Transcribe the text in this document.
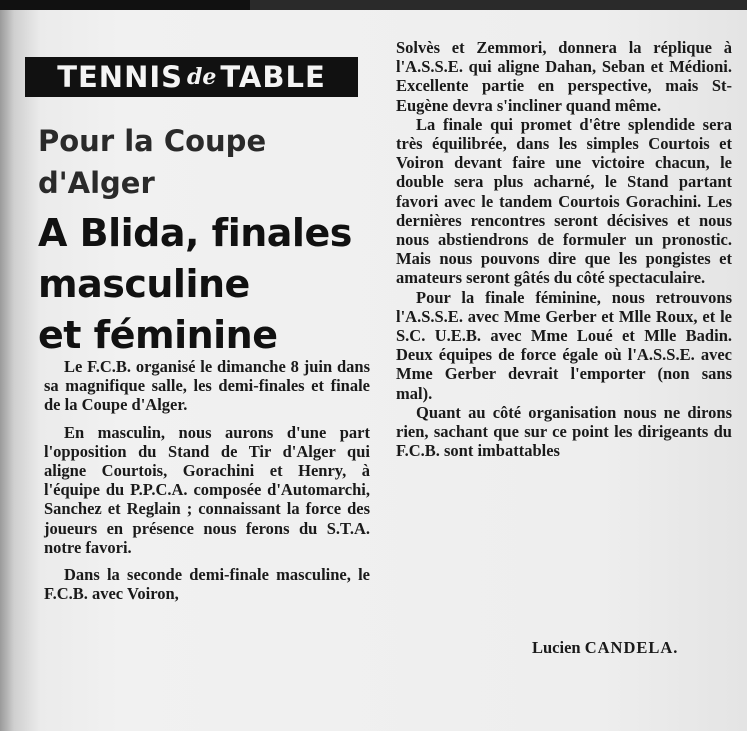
TENNIS de TABLE
Pour la Coupe
d'Alger
A Blida, finales
masculine
et féminine

Le F.C.B. organisé le dimanche 8 juin dans sa magnifique salle, les demi-finales et finale de la Coupe d'Alger.

En masculin, nous aurons d'une part l'opposition du Stand de Tir d'Alger qui aligne Courtois, Gorachini et Henry, à l'équipe du P.P.C.A. composée d'Automarchi, Sanchez et Reglain ; connaissant la force des joueurs en présence nous ferons du S.T.A. notre favori.

Dans la seconde demi-finale masculine, le F.C.B. avec Voiron,

Solvès et Zemmori, donnera la réplique à l'A.S.S.E. qui aligne Dahan, Seban et Médioni. Excellente partie en perspective, mais St-Eugène devra s'incliner quand même.

La finale qui promet d'être splendide sera très équilibrée, dans les simples Courtois et Voiron devant faire une victoire chacun, le double sera plus acharné, le Stand partant favori avec le tandem Courtois Gorachini. Les dernières rencontres seront décisives et nous nous abstiendrons de formuler un pronostic. Mais nous pouvons dire que les pongistes et amateurs seront gâtés du côté spectaculaire.

Pour la finale féminine, nous retrouvons l'A.S.S.E. avec Mme Gerber et Mlle Roux, et le S.C. U.E.B. avec Mme Loué et Mlle Badin. Deux équipes de force égale où l'A.S.S.E. avec Mme Gerber devrait l'emporter (non sans mal).

Quant au côté organisation nous ne dirons rien, sachant que sur ce point les dirigeants du F.C.B. sont imbattables

Lucien CANDELA.
